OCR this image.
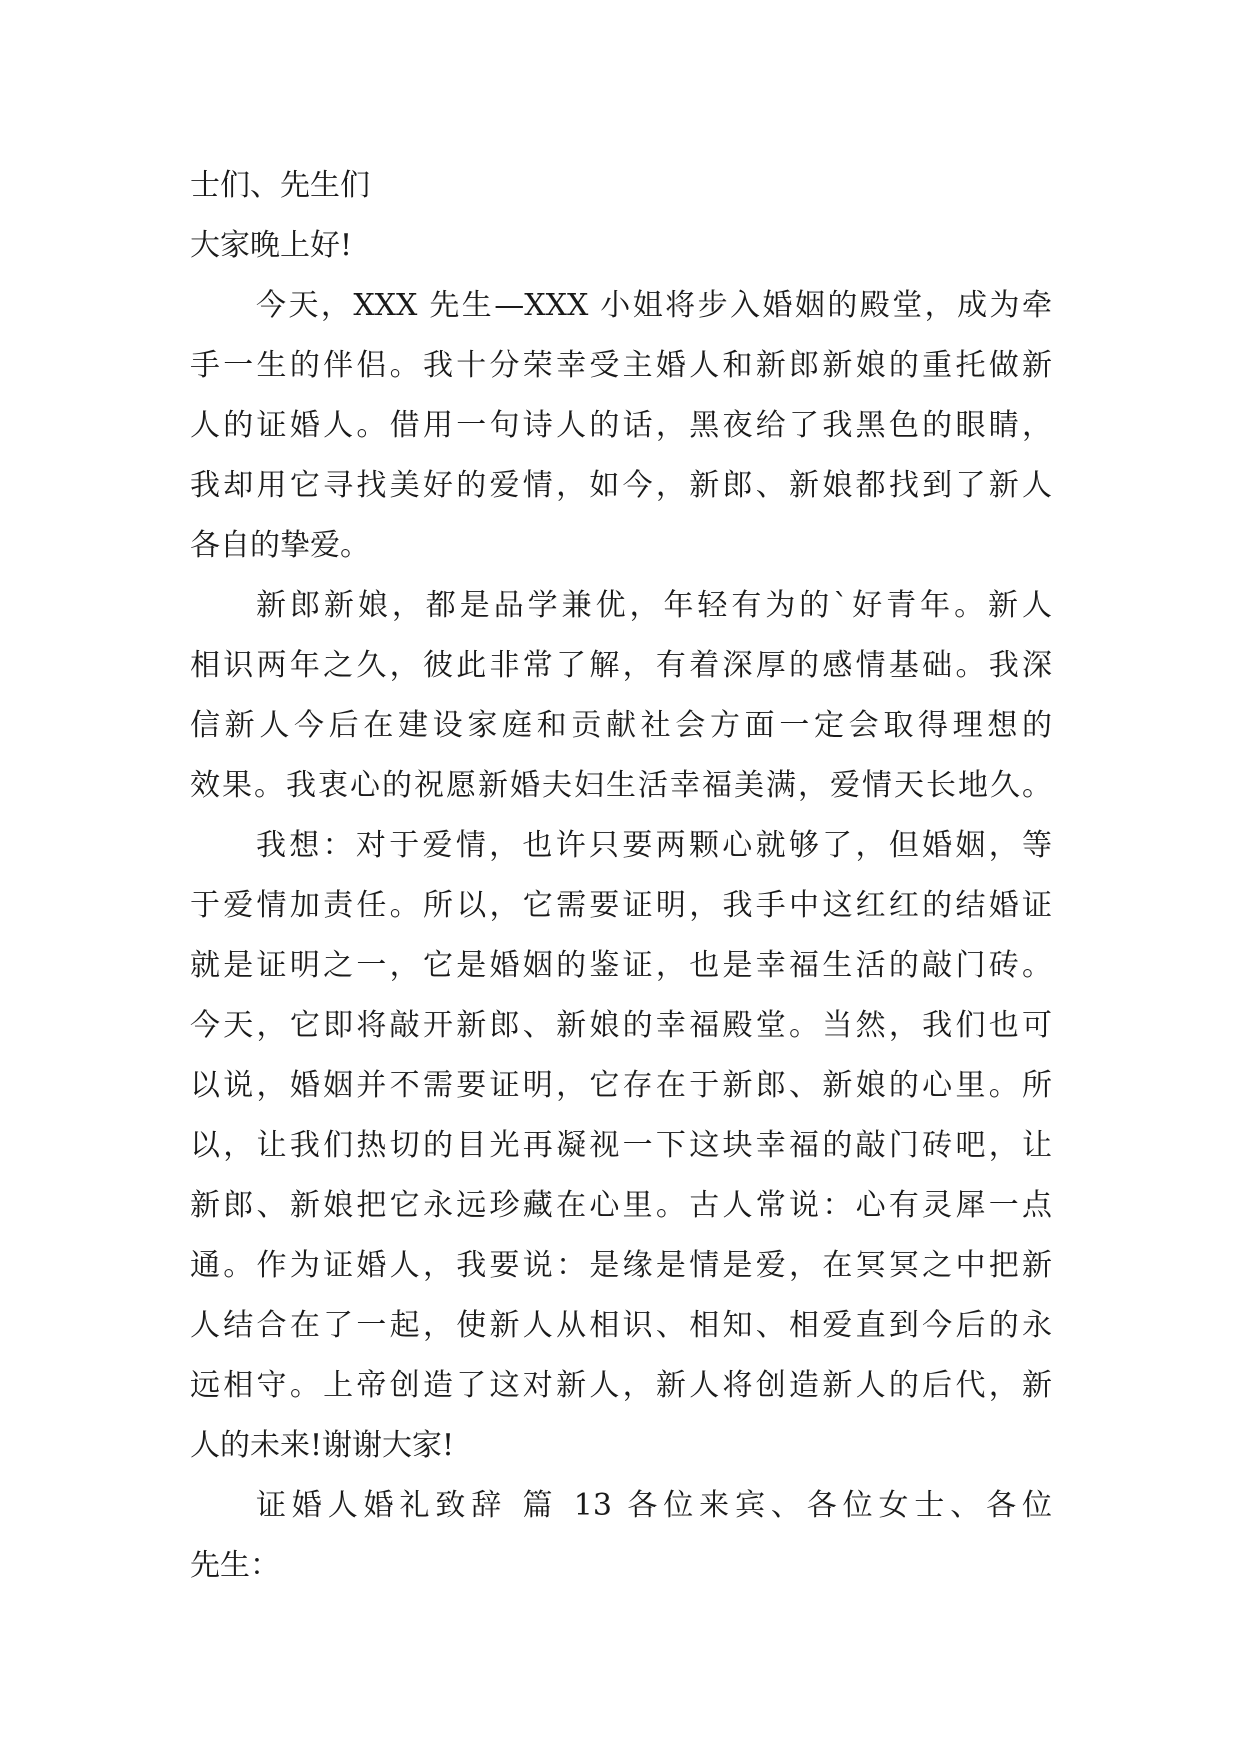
士们、先生们
大家晚上好!
今天，XXX 先生—XXX 小姐将步入婚姻的殿堂，成为牵
手一生的伴侣。我十分荣幸受主婚人和新郎新娘的重托做新
人的证婚人。借用一句诗人的话，黑夜给了我黑色的眼睛，
我却用它寻找美好的爱情，如今，新郎、新娘都找到了新人
各自的挚爱。
新郎新娘，都是品学兼优，年轻有为的`好青年。新人
相识两年之久，彼此非常了解，有着深厚的感情基础。我深
信新人今后在建设家庭和贡献社会方面一定会取得理想的
效果。我衷心的祝愿新婚夫妇生活幸福美满，爱情天长地久。
我想：对于爱情，也许只要两颗心就够了，但婚姻，等
于爱情加责任。所以，它需要证明，我手中这红红的结婚证
就是证明之一，它是婚姻的鉴证，也是幸福生活的敲门砖。
今天，它即将敲开新郎、新娘的幸福殿堂。当然，我们也可
以说，婚姻并不需要证明，它存在于新郎、新娘的心里。所
以，让我们热切的目光再凝视一下这块幸福的敲门砖吧，让
新郎、新娘把它永远珍藏在心里。古人常说：心有灵犀一点
通。作为证婚人，我要说：是缘是情是爱，在冥冥之中把新
人结合在了一起，使新人从相识、相知、相爱直到今后的永
远相守。上帝创造了这对新人，新人将创造新人的后代，新
人的未来!谢谢大家!
证婚人婚礼致辞 篇 13 各位来宾、各位女士、各位
先生：
